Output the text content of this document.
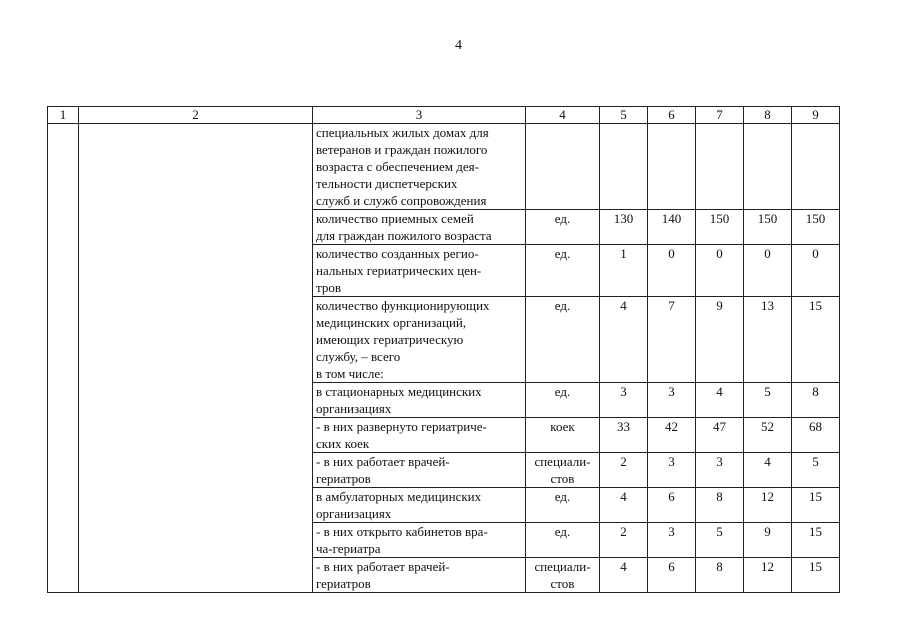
4
1	2	3	4	5	6	7	8	9

		специальных жилых домах для
ветеранов и граждан пожилого
возраста с обеспечением дея-
тельности диспетчерских
служб и служб сопровождения						

		количество приемных семей
для граждан пожилого возраста	ед.	130	140	150	150	150

		количество созданных регио-
нальных гериатрических цен-
тров	ед.	1	0	0	0	0

		количество функционирующих
медицинских организаций,
имеющих гериатрическую
службу, – всего
в том числе:	ед.	4	7	9	13	15

		в стационарных медицинских
организациях	ед.	3	3	4	5	8

		- в них развернуто гериатриче-
ских коек	коек	33	42	47	52	68

		- в них работает врачей-
гериатров	специали-
стов	2	3	3	4	5

		в амбулаторных медицинских
организациях	ед.	4	6	8	12	15

		- в них открыто кабинетов вра-
ча-гериатра	ед.	2	3	5	9	15

		- в них работает врачей-
гериатров	специали-
стов	4	6	8	12	15
